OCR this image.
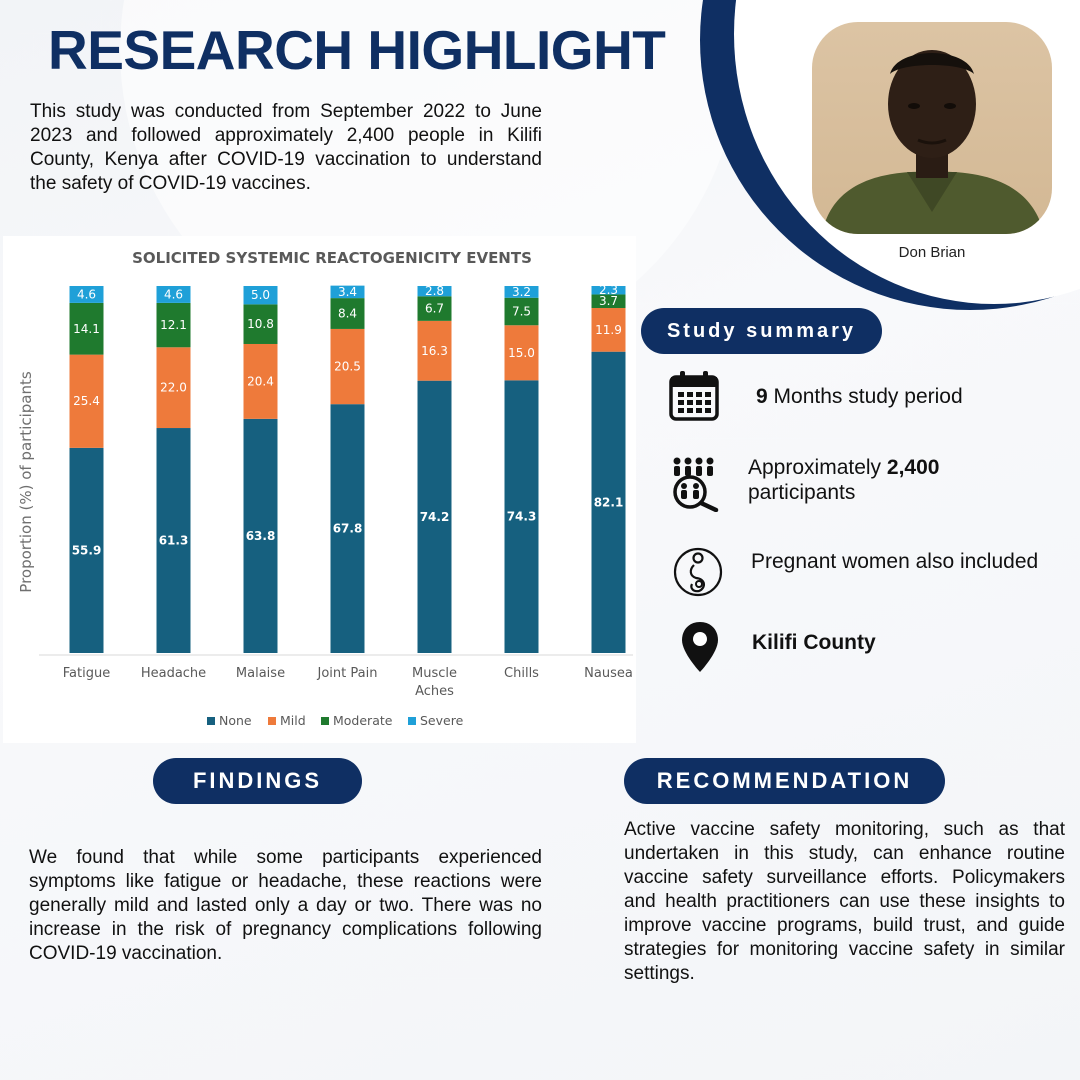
RESEARCH HIGHLIGHT

This study was conducted from September 2022 to June 2023 and followed approximately 2,400 people in Kilifi County, Kenya after COVID-19 vaccination to understand the safety of COVID-19 vaccines.

Don Brian
SOLICITED SYSTEMIC REACTOGENICITY EVENTS
Proportion (%) of participants	55.9
25.4
14.1
4.6
61.3
22.0
12.1
4.6
63.8
20.4
10.8
5.0
67.8
20.5
8.4
3.4
74.2
16.3
6.7
2.8
74.3
15.0
7.5
3.2
82.1
11.9
3.7
2.3
Fatigue Headache Malaise Joint Pain	Muscle Aches
Chills	Nausea
None Mild Moderate Severe
Study summary
9 Months study period
Approximately 2,400
participants
Pregnant women also included
Kilifi County
FINDINGS

We found that while some participants experienced symptoms like fatigue or headache, these reactions were generally mild and lasted only a day or two. There was no increase in the risk of pregnancy complications following COVID-19 vaccination.

RECOMMENDATION

Active vaccine safety monitoring, such as that undertaken in this study, can enhance routine vaccine safety surveillance efforts. Policymakers and health practitioners can use these insights to improve vaccine programs, build trust, and guide strategies for monitoring vaccine safety in similar settings.
